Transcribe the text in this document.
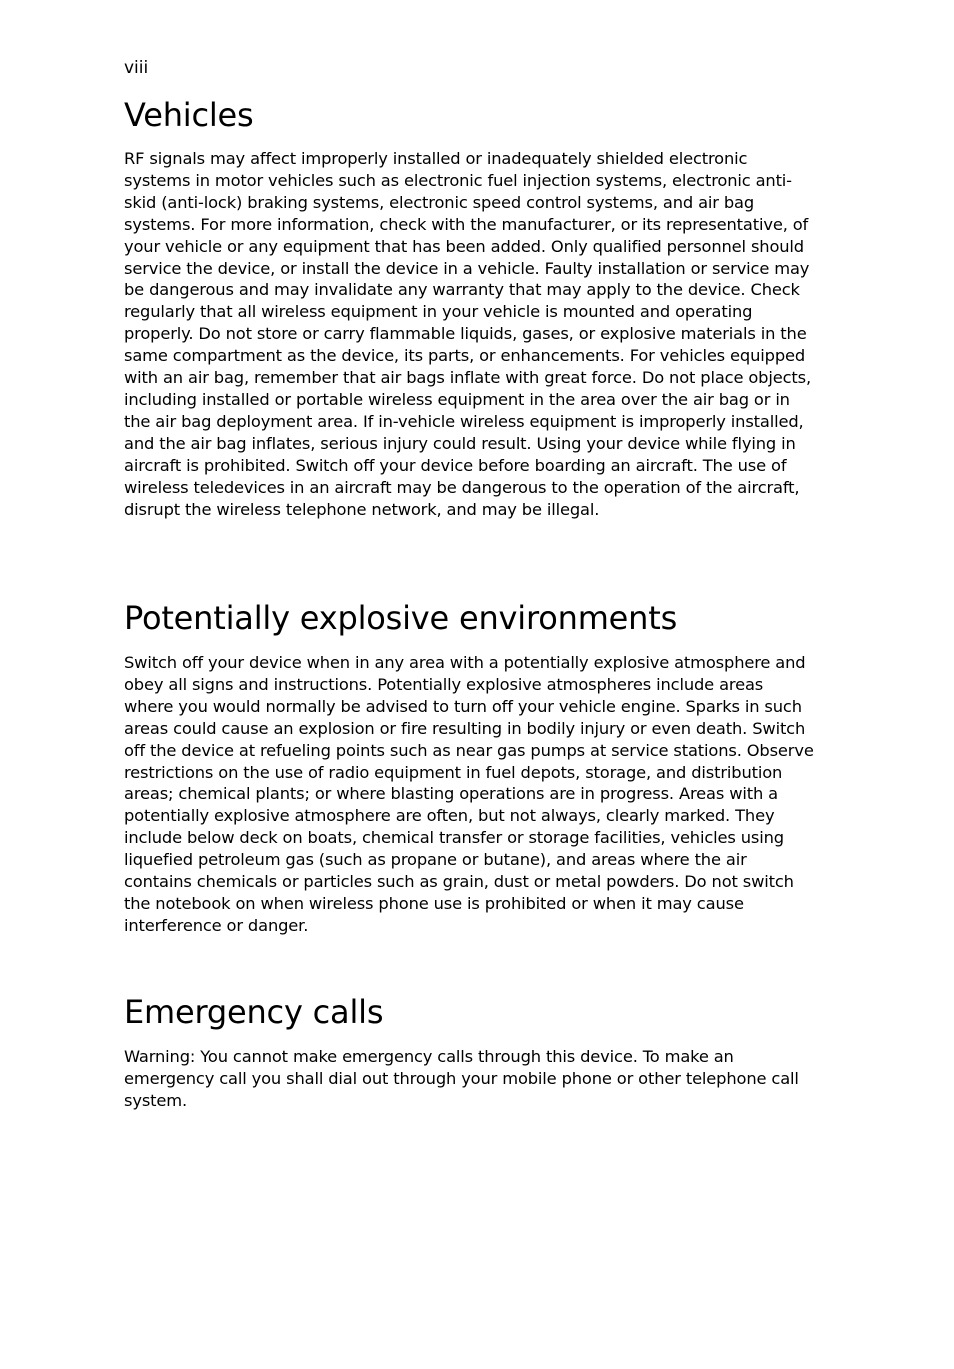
viii

Vehicles

RF signals may affect improperly installed or inadequately shielded electronic systems in motor vehicles such as electronic fuel injection systems, electronic anti-skid (anti-lock) braking systems, electronic speed control systems, and air bag systems. For more information, check with the manufacturer, or its representative, of your vehicle or any equipment that has been added. Only qualified personnel should service the device, or install the device in a vehicle. Faulty installation or service may be dangerous and may invalidate any warranty that may apply to the device. Check regularly that all wireless equipment in your vehicle is mounted and operating properly. Do not store or carry flammable liquids, gases, or explosive materials in the same compartment as the device, its parts, or enhancements. For vehicles equipped with an air bag, remember that air bags inflate with great force. Do not place objects, including installed or portable wireless equipment in the area over the air bag or in the air bag deployment area. If in-vehicle wireless equipment is improperly installed, and the air bag inflates, serious injury could result. Using your device while flying in aircraft is prohibited. Switch off your device before boarding an aircraft. The use of wireless teledevices in an aircraft may be dangerous to the operation of the aircraft, disrupt the wireless telephone network, and may be illegal.

Potentially explosive environments

Switch off your device when in any area with a potentially explosive atmosphere and obey all signs and instructions. Potentially explosive atmospheres include areas where you would normally be advised to turn off your vehicle engine. Sparks in such areas could cause an explosion or fire resulting in bodily injury or even death. Switch off the device at refueling points such as near gas pumps at service stations. Observe restrictions on the use of radio equipment in fuel depots, storage, and distribution areas; chemical plants; or where blasting operations are in progress. Areas with a potentially explosive atmosphere are often, but not always, clearly marked. They include below deck on boats, chemical transfer or storage facilities, vehicles using liquefied petroleum gas (such as propane or butane), and areas where the air contains chemicals or particles such as grain, dust or metal powders. Do not switch the notebook on when wireless phone use is prohibited or when it may cause interference or danger.

Emergency calls

Warning: You cannot make emergency calls through this device. To make an emergency call you shall dial out through your mobile phone or other telephone call system.
